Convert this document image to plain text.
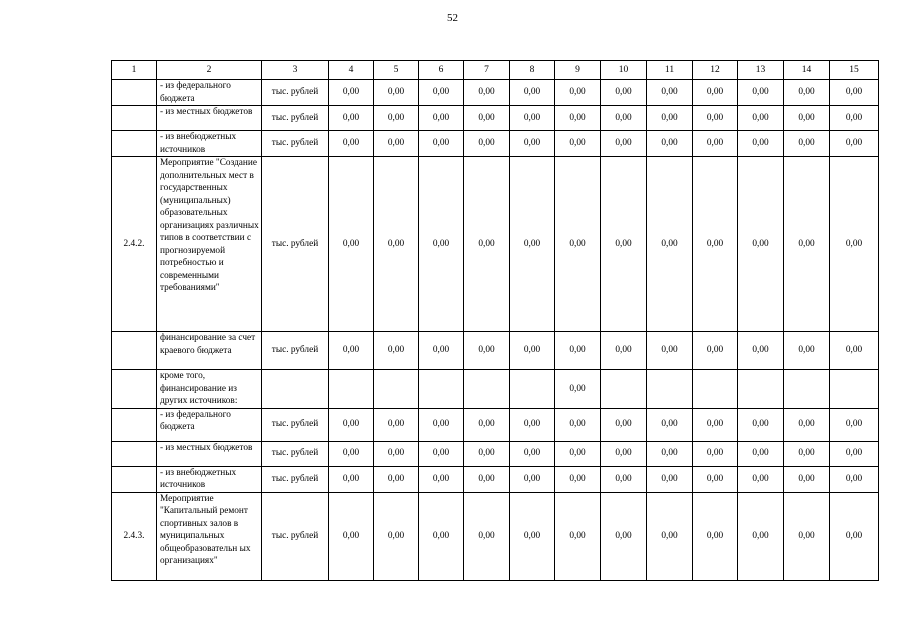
52
1	2	3	4	5	6	7	8	9	10	11	12	13	14	15
	- из федерального бюджета	тыс. рублей	0,00	0,00	0,00	0,00	0,00	0,00	0,00	0,00	0,00	0,00	0,00	0,00
	- из местных бюджетов	тыс. рублей	0,00	0,00	0,00	0,00	0,00	0,00	0,00	0,00	0,00	0,00	0,00	0,00
	- из внебюджетных источников	тыс. рублей	0,00	0,00	0,00	0,00	0,00	0,00	0,00	0,00	0,00	0,00	0,00	0,00
2.4.2.	Мероприятие "Создание дополнительных мест в государственных (муниципальных) образовательных организациях различных типов в соответствии с прогнозируемой потребностью и современными требованиями"	тыс. рублей	0,00	0,00	0,00	0,00	0,00	0,00	0,00	0,00	0,00	0,00	0,00	0,00
	финансирование за счет краевого бюджета	тыс. рублей	0,00	0,00	0,00	0,00	0,00	0,00	0,00	0,00	0,00	0,00	0,00	0,00
	кроме того, финансирование из других источников:							0,00						
	- из федерального бюджета	тыс. рублей	0,00	0,00	0,00	0,00	0,00	0,00	0,00	0,00	0,00	0,00	0,00	0,00
	- из местных бюджетов	тыс. рублей	0,00	0,00	0,00	0,00	0,00	0,00	0,00	0,00	0,00	0,00	0,00	0,00
	- из внебюджетных источников	тыс. рублей	0,00	0,00	0,00	0,00	0,00	0,00	0,00	0,00	0,00	0,00	0,00	0,00
2.4.3.	Мероприятие "Капитальный ремонт спортивных залов в муниципальных общеобразовательн ых организациях"	тыс. рублей	0,00	0,00	0,00	0,00	0,00	0,00	0,00	0,00	0,00	0,00	0,00	0,00
